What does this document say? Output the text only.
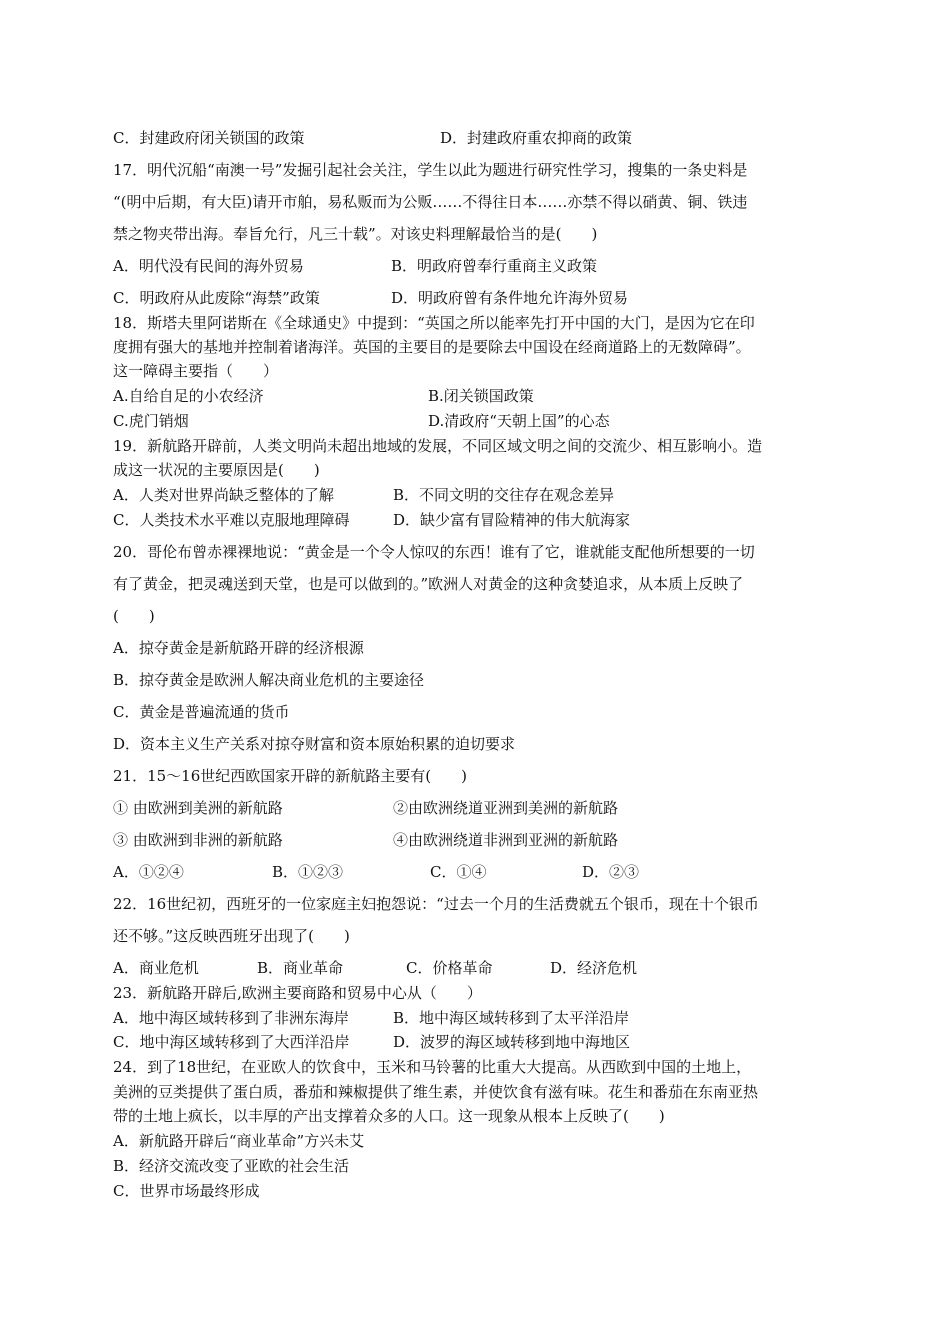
C．封建政府闭关锁国的政策	D．封建政府重农抑商的政策
17．明代沉船“南澳一号”发掘引起社会关注，学生以此为题进行研究性学习，搜集的一条史料是
“(明中后期，有大臣)请开市舶，易私贩而为公贩……不得往日本……亦禁不得以硝黄、铜、铁违
禁之物夹带出海。奉旨允行，凡三十载”。对该史料理解最恰当的是(　　)
A．明代没有民间的海外贸易	B．明政府曾奉行重商主义政策
C．明政府从此废除“海禁”政策	D．明政府曾有条件地允许海外贸易
18．斯塔夫里阿诺斯在《全球通史》中提到：“英国之所以能率先打开中国的大门，是因为它在印
度拥有强大的基地并控制着诸海洋。英国的主要目的是要除去中国设在经商道路上的无数障碍”。
这一障碍主要指（　　）
A.自给自足的小农经济	B.闭关锁国政策
C.虎门销烟	D.清政府“天朝上国”的心态
19．新航路开辟前，人类文明尚未超出地域的发展，不同区域文明之间的交流少、相互影响小。造
成这一状况的主要原因是(　　)
A．人类对世界尚缺乏整体的了解	B．不同文明的交往存在观念差异
C．人类技术水平难以克服地理障碍	D．缺少富有冒险精神的伟大航海家
20．哥伦布曾赤裸裸地说：“黄金是一个令人惊叹的东西！谁有了它，谁就能支配他所想要的一切
有了黄金，把灵魂送到天堂，也是可以做到的。”欧洲人对黄金的这种贪婪追求，从本质上反映了
(　　)
A．掠夺黄金是新航路开辟的经济根源
B．掠夺黄金是欧洲人解决商业危机的主要途径
C．黄金是普遍流通的货币
D．资本主义生产关系对掠夺财富和资本原始积累的迫切要求
21．15～16世纪西欧国家开辟的新航路主要有(　　)
① 由欧洲到美洲的新航路	②由欧洲绕道亚洲到美洲的新航路
③ 由欧洲到非洲的新航路	④由欧洲绕道非洲到亚洲的新航路
A．①②④	B．①②③	C．①④	D．②③
22．16世纪初，西班牙的一位家庭主妇抱怨说：“过去一个月的生活费就五个银币，现在十个银币
还不够。”这反映西班牙出现了(　　)
A．商业危机	B．商业革命	C．价格革命	D．经济危机
23．新航路开辟后,欧洲主要商路和贸易中心从（　　）
A．地中海区域转移到了非洲东海岸	B．地中海区域转移到了太平洋沿岸
C．地中海区域转移到了大西洋沿岸	D．波罗的海区域转移到地中海地区
24．到了18世纪，在亚欧人的饮食中，玉米和马铃薯的比重大大提高。从西欧到中国的土地上，
美洲的豆类提供了蛋白质，番茄和辣椒提供了维生素，并使饮食有滋有味。花生和番茄在东南亚热
带的土地上疯长，以丰厚的产出支撑着众多的人口。这一现象从根本上反映了(　　)
A．新航路开辟后“商业革命”方兴未艾
B．经济交流改变了亚欧的社会生活
C．世界市场最终形成
